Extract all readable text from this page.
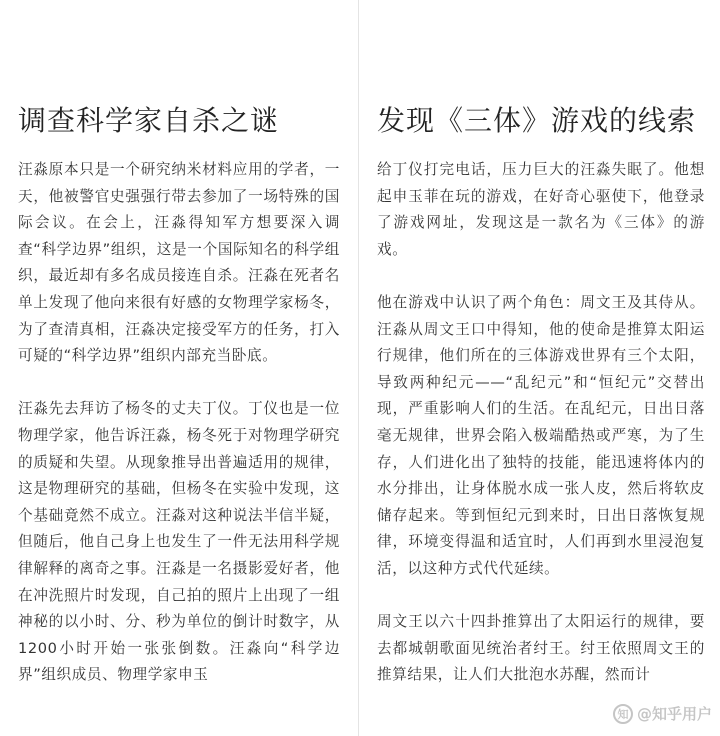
调查科学家自杀之谜

汪淼原本只是一个研究纳米材料应用的学者，一天，他被警官史强强行带去参加了一场特殊的国际会议。在会上，汪淼得知军方想要深入调查“科学边界”组织，这是一个国际知名的科学组织，最近却有多名成员接连自杀。汪淼在死者名单上发现了他向来很有好感的女物理学家杨冬，为了查清真相，汪淼决定接受军方的任务，打入可疑的“科学边界”组织内部充当卧底。

汪淼先去拜访了杨冬的丈夫丁仪。丁仪也是一位物理学家，他告诉汪淼，杨冬死于对物理学研究的质疑和失望。从现象推导出普遍适用的规律，这是物理研究的基础，但杨冬在实验中发现，这个基础竟然不成立。汪淼对这种说法半信半疑，但随后，他自己身上也发生了一件无法用科学规律解释的离奇之事。汪淼是一名摄影爱好者，他在冲洗照片时发现，自己拍的照片上出现了一组神秘的以小时、分、秒为单位的倒计时数字，从1200小时开始一张张倒数。汪淼向“科学边界”组织成员、物理学家申玉

发现《三体》游戏的线索

给丁仪打完电话，压力巨大的汪淼失眠了。他想起申玉菲在玩的游戏，在好奇心驱使下，他登录了游戏网址，发现这是一款名为《三体》的游戏。

他在游戏中认识了两个角色：周文王及其侍从。汪淼从周文王口中得知，他的使命是推算太阳运行规律，他们所在的三体游戏世界有三个太阳，导致两种纪元——“乱纪元”和“恒纪元”交替出现，严重影响人们的生活。在乱纪元，日出日落毫无规律，世界会陷入极端酷热或严寒，为了生存，人们进化出了独特的技能，能迅速将体内的水分排出，让身体脱水成一张人皮，然后将软皮储存起来。等到恒纪元到来时，日出日落恢复规律，环境变得温和适宜时，人们再到水里浸泡复活，以这种方式代代延续。

周文王以六十四卦推算出了太阳运行的规律，要去都城朝歌面见统治者纣王。纣王依照周文王的推算结果，让人们大批泡水苏醒，然而计

知 @知乎用户
